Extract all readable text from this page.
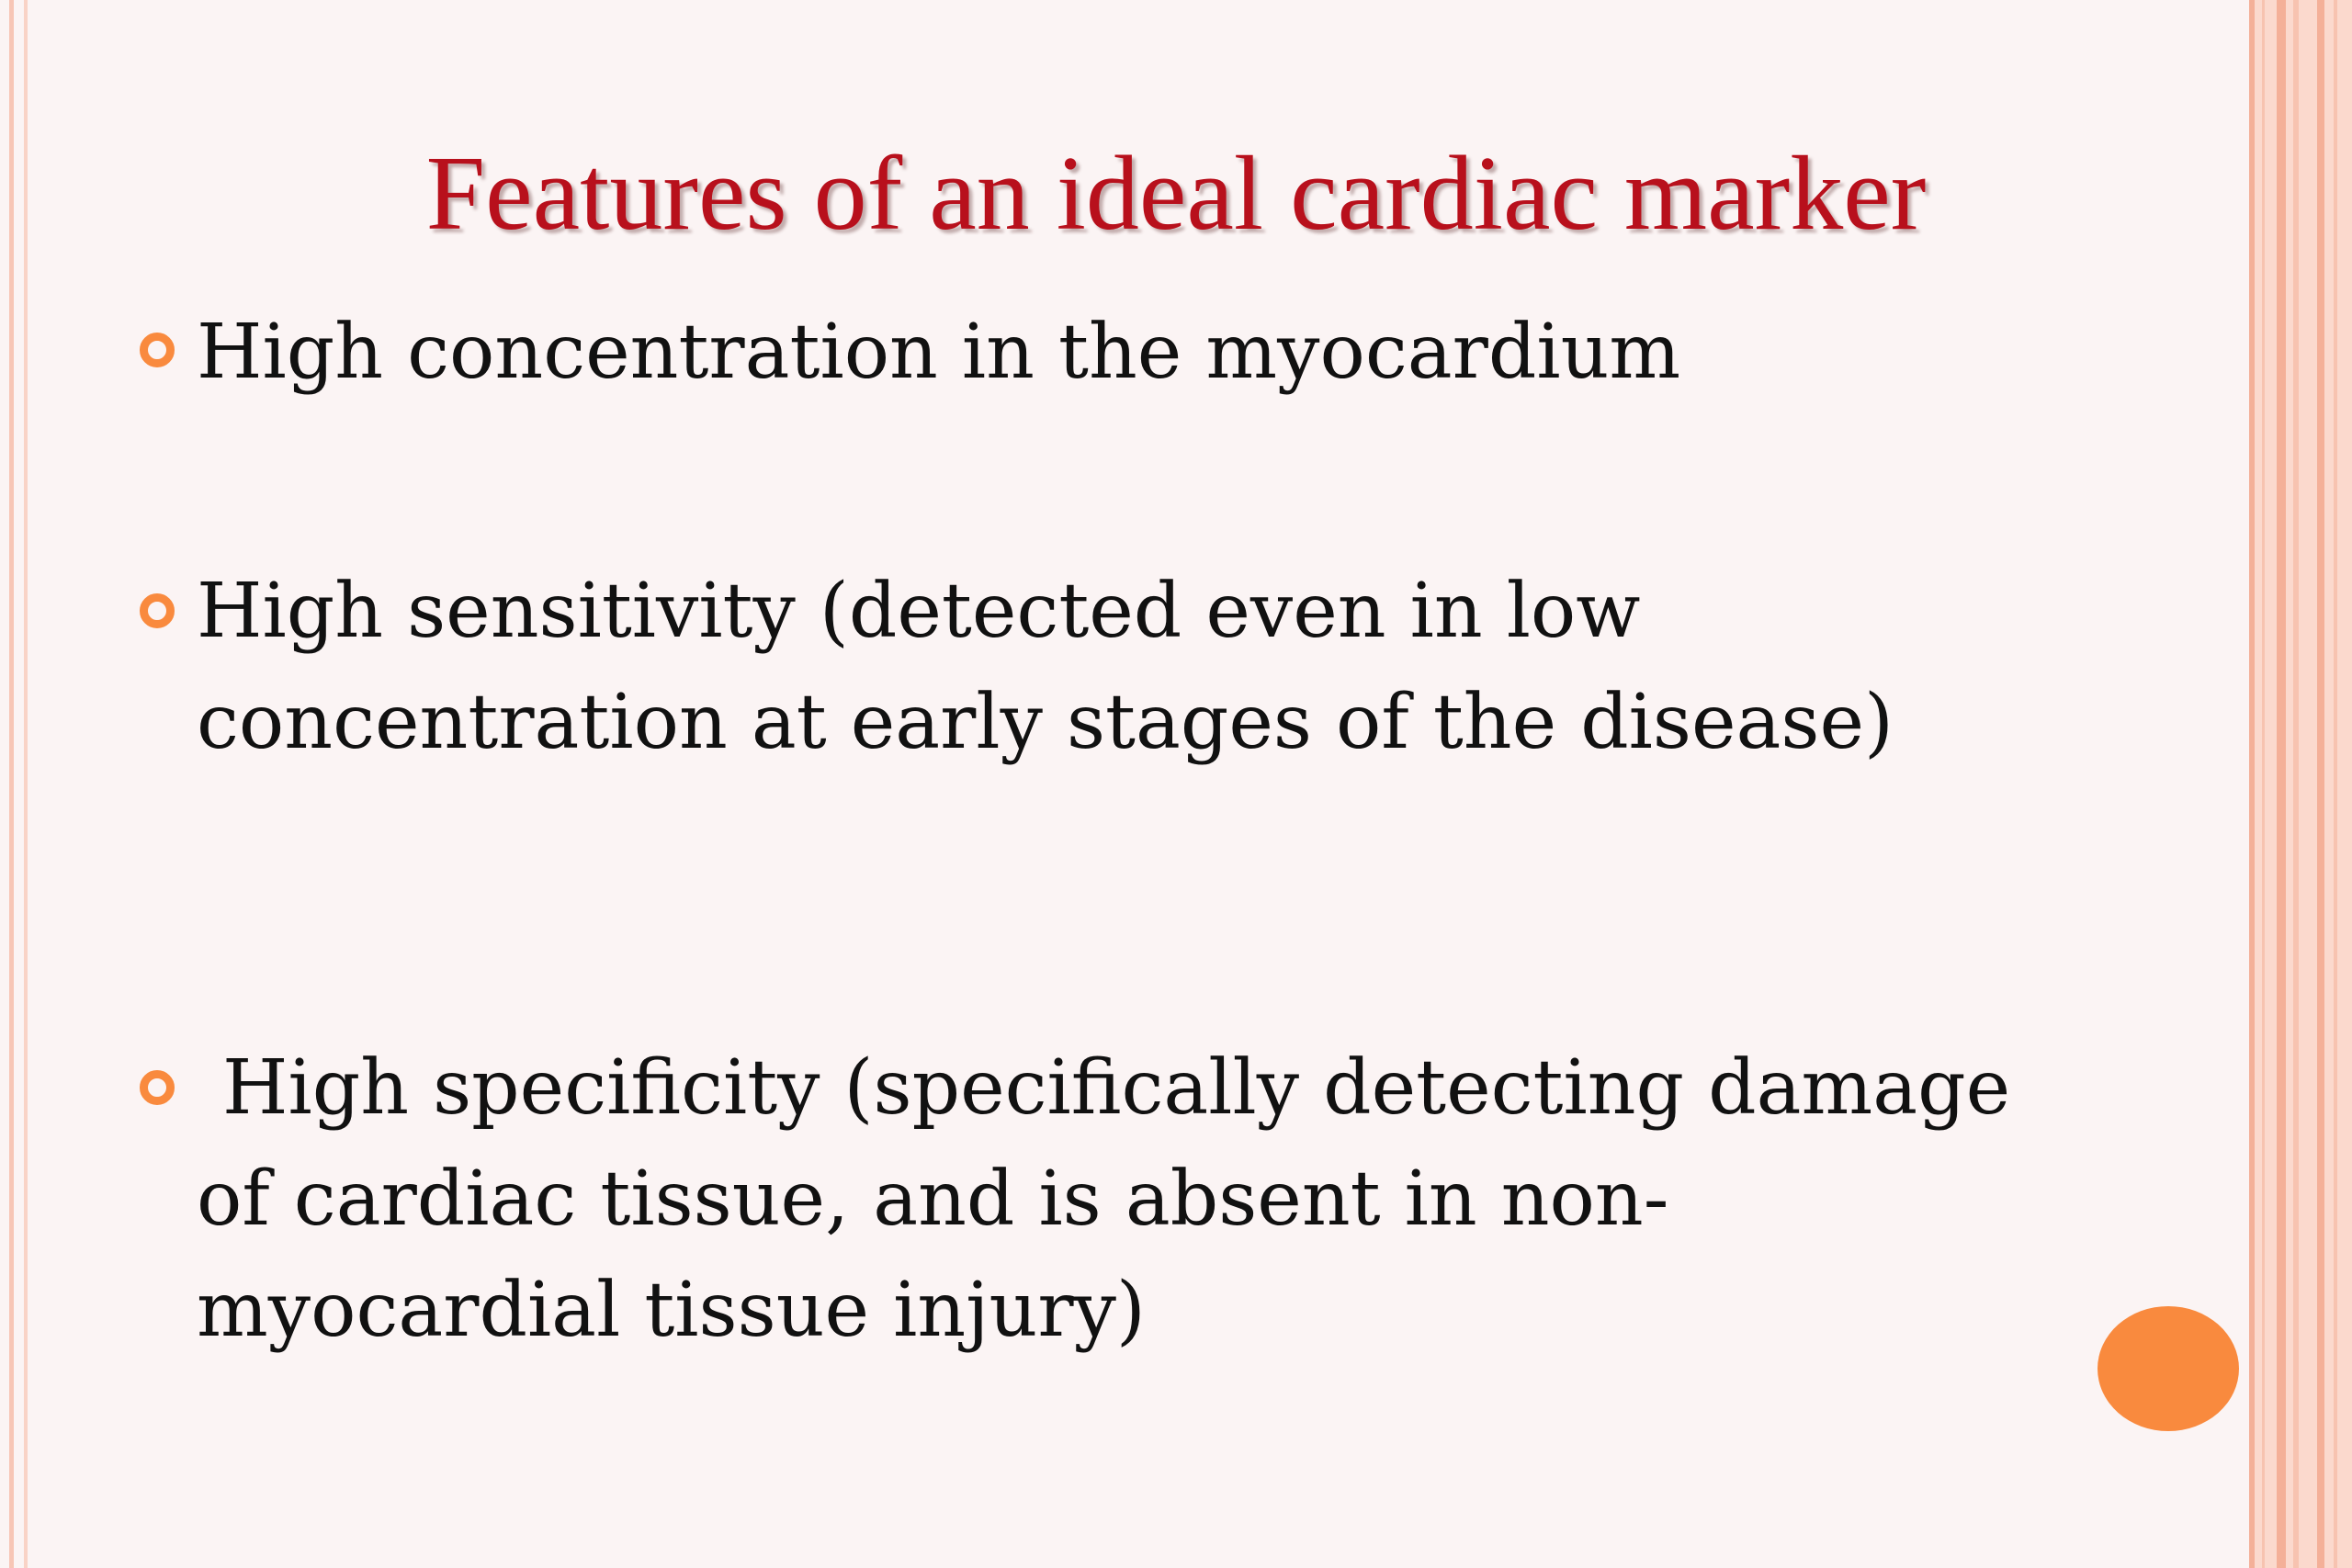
Features of an ideal cardiac marker
High concentration in the myocardium
High sensitivity (detected even in low concentration at early stages of the disease)
High specificity (specifically detecting damage of cardiac tissue, and is absent in non-myocardial tissue injury)
